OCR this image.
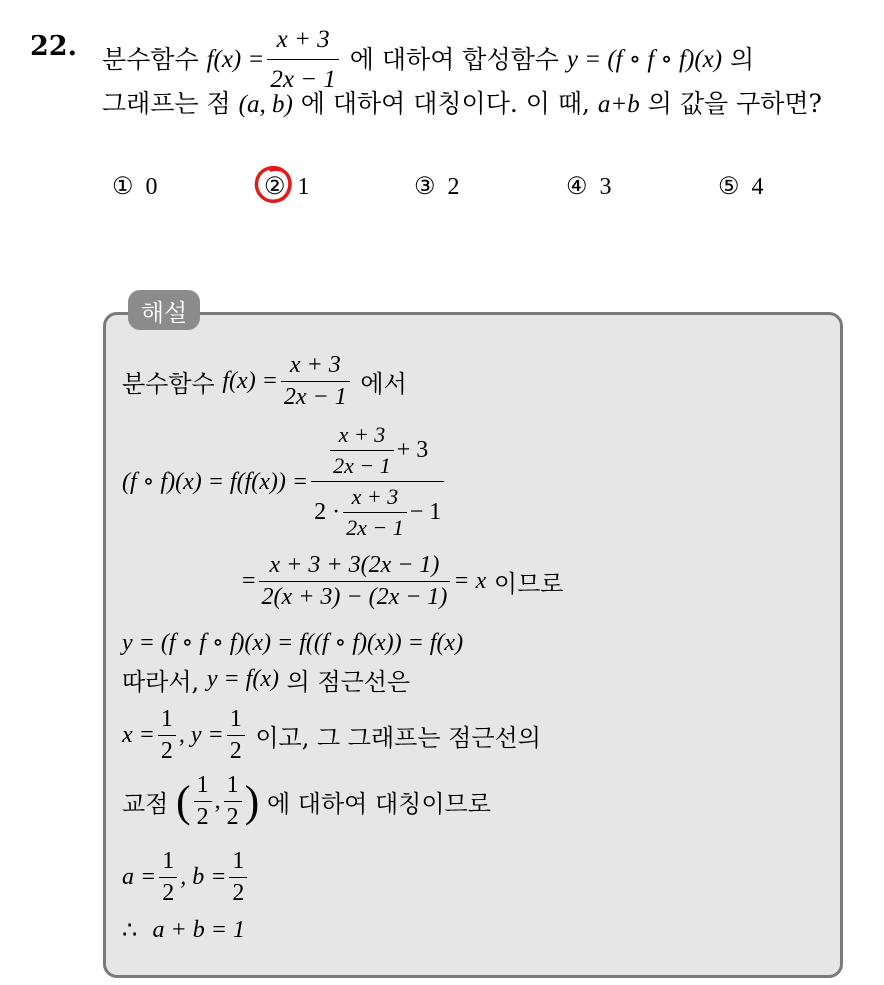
22. 분수함수
$f(x) = \frac{x + 3}{2x - 1}$
에 대하여 합성함수
y = (f ∘ f ∘ f)(x)
의
그래프는 점 (a, b) 에 대하여 대칭이다. 이 때, a+b 의 값을 구하면?
① 0	② 1	③ 2	④ 3	⑤ 4
해설
분수함수
$f(x) = \frac{x + 3}{2x - 1}$
에서
(f ∘ $f)(x) = f(f(x)) = \frac{\frac{x + 3}{2x - 1} + 3}{2 \cdot \frac{x + 3}{2x - 1} - 1}$
= $\frac{x + 3 + 3(2x - 1)}{2(x + 3) - (2x - 1)} = x$
이므로
y = (f ∘ f ∘ f)(x) = f((f ∘ f)(x)) = f(x)
따라서,
y = f(x)
의 점근선은
$x = \frac{1}{2}$ , $y = \frac{1}{2}$
이고, 그 그래프는 점근선의
교점
( $\frac{1}{2}$ , $\frac{1}{2}$ )
에 대하여 대칭이므로
$a = \frac{1}{2}$ , $b = \frac{1}{2}$
∴
a + b = 1
